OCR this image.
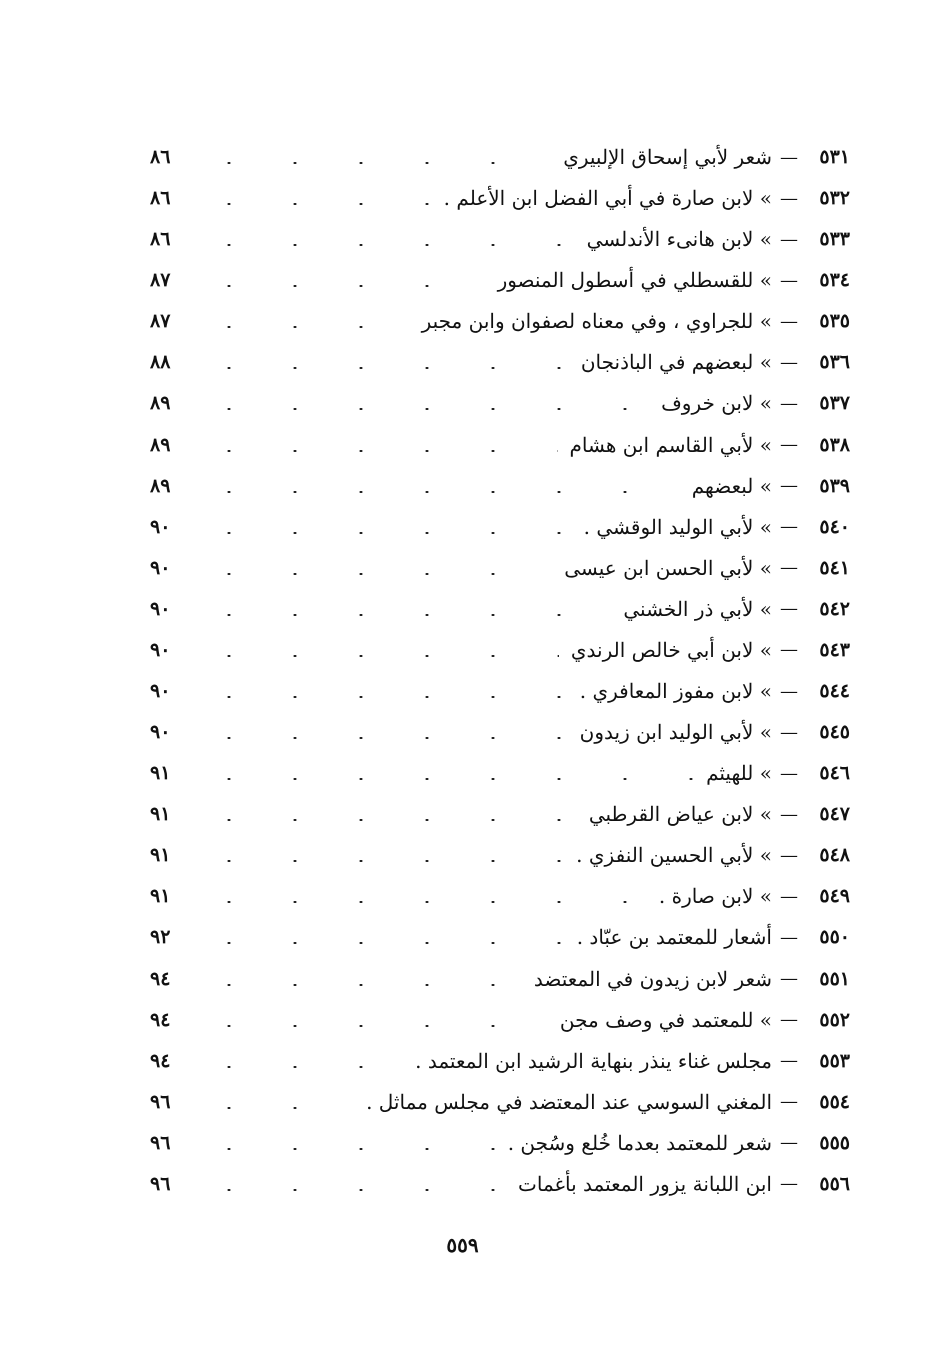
٨٦	شعر لأبي إسحاق الإلبيري —	٥٣١
٨٦	» لابن صارة في أبي الفضل ابن الأعلم . —	٥٣٢
٨٦	» لابن هانىء الأندلسي —	٥٣٣
٨٧	» للقسطلي في أسطول المنصور —	٥٣٤
٨٧	» للجراوي ، وفي معناه لصفوان وابن مجبر —	٥٣٥
٨٨	» لبعضهم في الباذنجان —	٥٣٦
٨٩	» لابن خروف —	٥٣٧
٨٩	» لأبي القاسم ابن هشام —	٥٣٨
٨٩	» لبعضهم —	٥٣٩
٩٠	» لأبي الوليد الوقشي . —	٥٤٠
٩٠	» لأبي الحسن ابن عيسى —	٥٤١
٩٠	» لأبي ذر الخشني —	٥٤٢
٩٠	» لابن أبي خالص الرندي —	٥٤٣
٩٠	» لابن مفوز المعافري . —	٥٤٤
٩٠	» لأبي الوليد ابن زيدون —	٥٤٥
٩١	» للهيثم —	٥٤٦
٩١	» لابن عياض القرطبي —	٥٤٧
٩١	» لأبي الحسين النفزي . —	٥٤٨
٩١	» لابن صارة . —	٥٤٩
٩٢	أشعار للمعتمد بن عبّاد . —	٥٥٠
٩٤	شعر لابن زيدون في المعتضد —	٥٥١
٩٤	» للمعتمد في وصف مجن —	٥٥٢
٩٤	مجلس غناء ينذر بنهاية الرشيد ابن المعتمد . —	٥٥٣
٩٦	المغني السوسي عند المعتضد في مجلس مماثل . —	٥٥٤
٩٦	شعر للمعتمد بعدما خُلع وسُجن . —	٥٥٥
٩٦	ابن اللبانة يزور المعتمد بأغمات —	٥٥٦
٥٥٩
